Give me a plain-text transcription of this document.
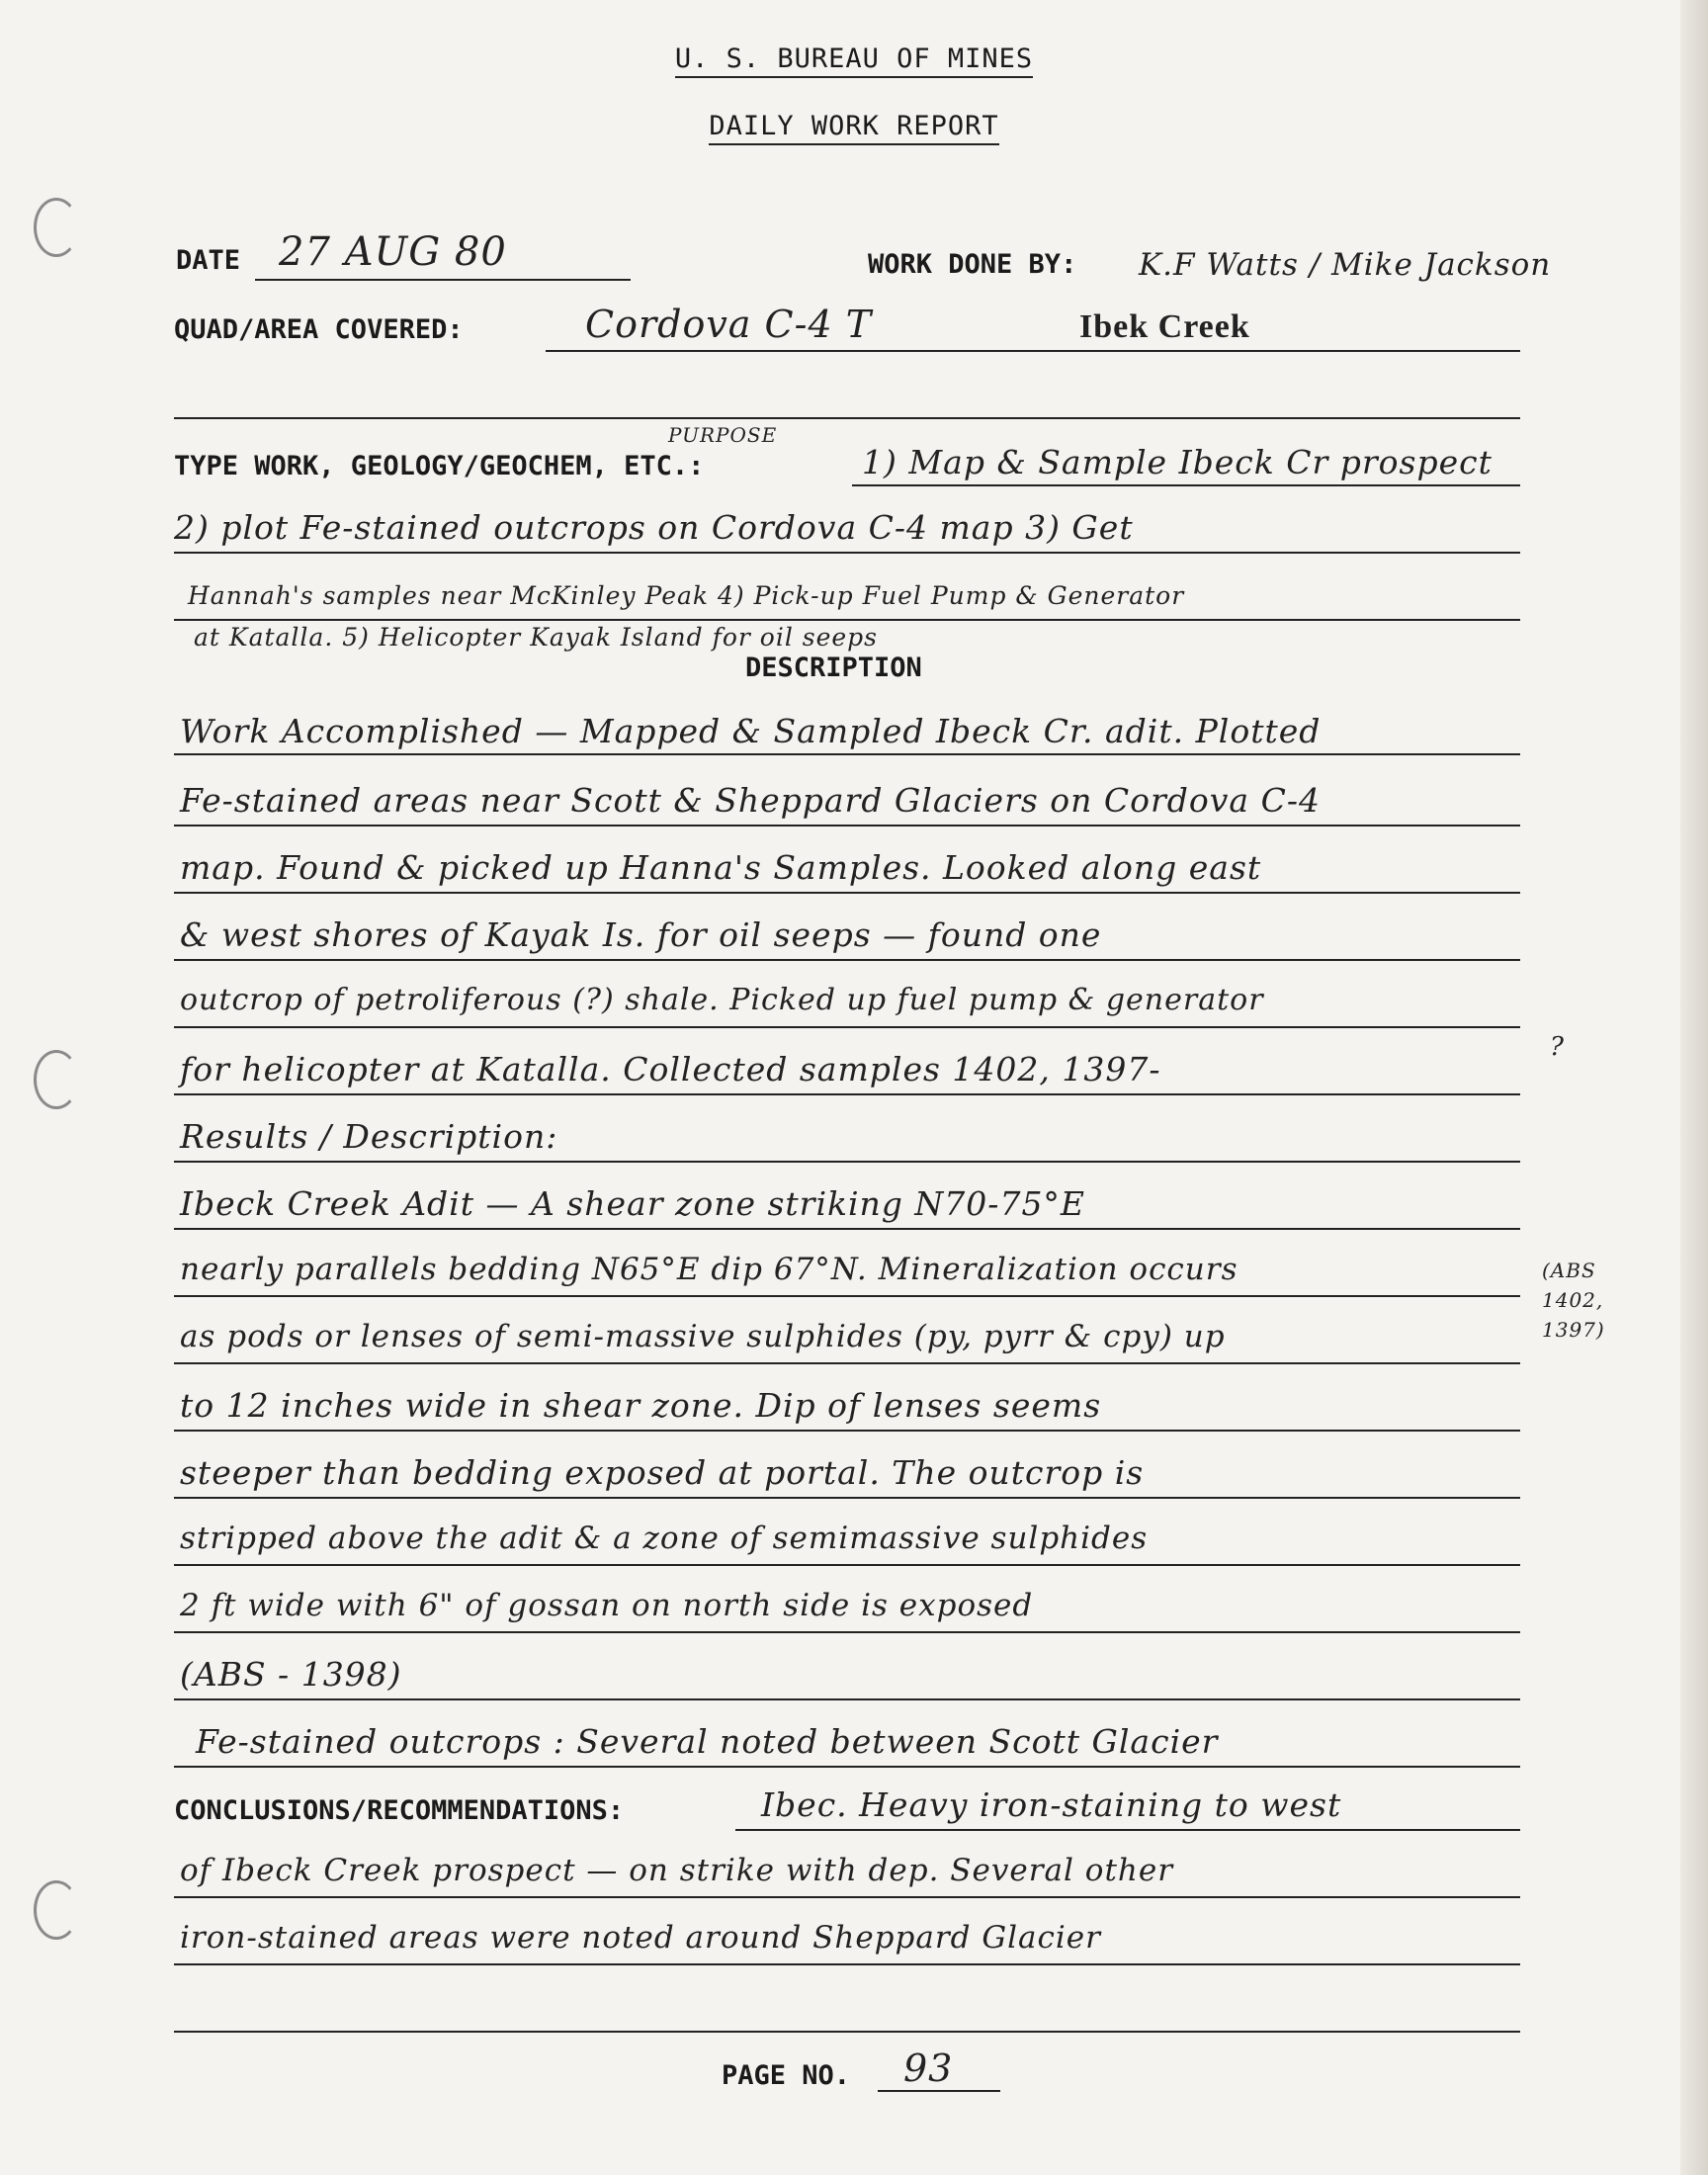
U. S. BUREAU OF MINES
DAILY WORK REPORT
DATE 27 AUG 80	WORK DONE BY: K.F Watts / Mike Jackson
QUAD/AREA COVERED:	Cordova C-4 T	Ibek Creek
PURPOSE
TYPE WORK, GEOLOGY/GEOCHEM, ETC.:	1) Map & Sample Ibeck Cr prospect
2) plot Fe-stained outcrops on Cordova C-4 map 3) Get
Hannah's samples near McKinley Peak 4) Pick-up Fuel Pump & Generator
at Katalla. 5) Helicopter Kayak Island for oil seeps
DESCRIPTION
Work Accomplished — Mapped & Sampled Ibeck Cr. adit. Plotted
Fe-stained areas near Scott & Sheppard Glaciers on Cordova C-4
map. Found & picked up Hanna's Samples. Looked along east
& west shores of Kayak Is. for oil seeps — found one
outcrop of petroliferous (?) shale. Picked up fuel pump & generator
for helicopter at Katalla. Collected samples 1402, 1397-
?
Results / Description:
Ibeck Creek Adit — A shear zone striking N70-75°E
nearly parallels bedding N65°E dip 67°N. Mineralization occurs	(ABS 1402, 1397)
as pods or lenses of semi-massive sulphides (py, pyrr & cpy) up
to 12 inches wide in shear zone. Dip of lenses seems
steeper than bedding exposed at portal. The outcrop is
stripped above the adit & a zone of semimassive sulphides
2 ft wide with 6" of gossan on north side is exposed
(ABS - 1398)
Fe-stained outcrops : Several noted between Scott Glacier
CONCLUSIONS/RECOMMENDATIONS:	Ibec. Heavy iron-staining to west
of Ibeck Creek prospect — on strike with dep. Several other
iron-stained areas were noted around Sheppard Glacier
PAGE NO. 93
